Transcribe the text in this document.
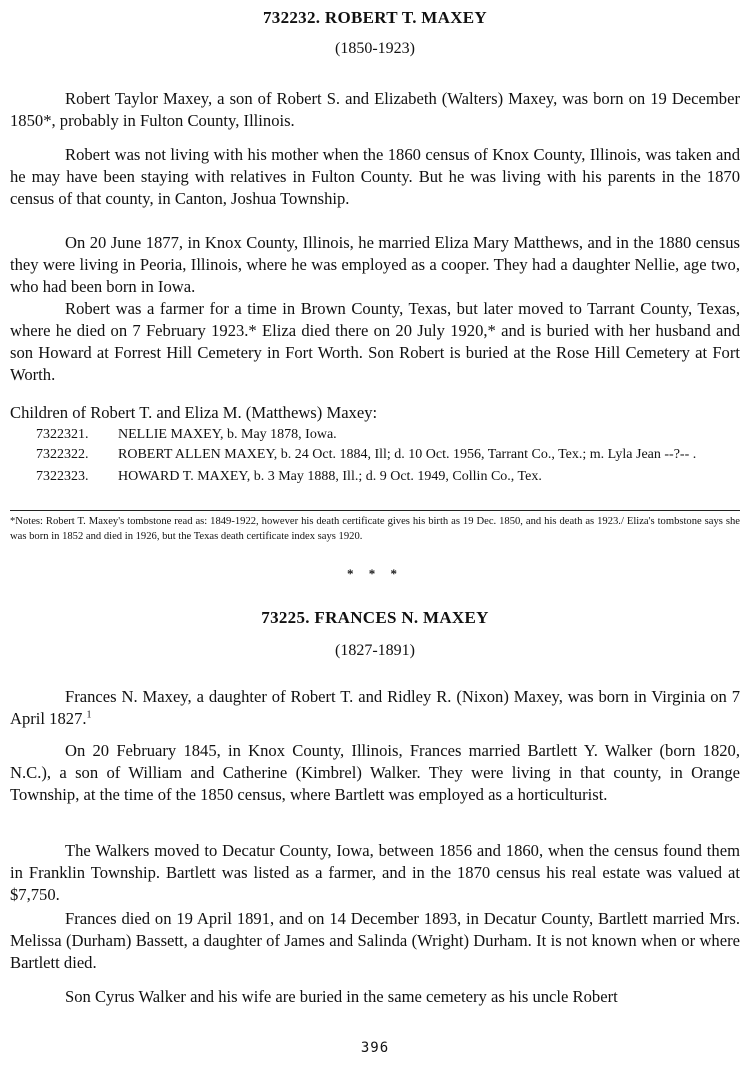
732232. ROBERT T. MAXEY

(1850-1923)

Robert Taylor Maxey, a son of Robert S. and Elizabeth (Walters) Maxey, was born on 19 December 1850*, probably in Fulton County, Illinois.

Robert was not living with his mother when the 1860 census of Knox County, Illinois, was taken and he may have been staying with relatives in Fulton County. But he was living with his parents in the 1870 census of that county, in Canton, Joshua Township.

On 20 June 1877, in Knox County, Illinois, he married Eliza Mary Matthews, and in the 1880 census they were living in Peoria, Illinois, where he was employed as a cooper. They had a daughter Nellie, age two, who had been born in Iowa.

Robert was a farmer for a time in Brown County, Texas, but later moved to Tarrant County, Texas, where he died on 7 February 1923.* Eliza died there on 20 July 1920,* and is buried with her husband and son Howard at Forrest Hill Cemetery in Fort Worth. Son Robert is buried at the Rose Hill Cemetery at Fort Worth.

Children of Robert T. and Eliza M. (Matthews) Maxey:

7322321.	NELLIE MAXEY, b. May 1878, Iowa.
7322322.	ROBERT ALLEN MAXEY, b. 24 Oct. 1884, Ill; d. 10 Oct. 1956, Tarrant Co., Tex.; m. Lyla Jean --?-- .
7322323.	HOWARD T. MAXEY, b. 3 May 1888, Ill.; d. 9 Oct. 1949, Collin Co., Tex.

*Notes: Robert T. Maxey's tombstone read as: 1849-1922, however his death certificate gives his birth as 19 Dec. 1850, and his death as 1923./ Eliza's tombstone says she was born in 1852 and died in 1926, but the Texas death certificate index says 1920.

* * *

73225. FRANCES N. MAXEY

(1827-1891)

Frances N. Maxey, a daughter of Robert T. and Ridley R. (Nixon) Maxey, was born in Virginia on 7 April 1827.$^1$

On 20 February 1845, in Knox County, Illinois, Frances married Bartlett Y. Walker (born 1820, N.C.), a son of William and Catherine (Kimbrel) Walker. They were living in that county, in Orange Township, at the time of the 1850 census, where Bartlett was employed as a horticulturist.

The Walkers moved to Decatur County, Iowa, between 1856 and 1860, when the census found them in Franklin Township. Bartlett was listed as a farmer, and in the 1870 census his real estate was valued at $7,750.

Frances died on 19 April 1891, and on 14 December 1893, in Decatur County, Bartlett married Mrs. Melissa (Durham) Bassett, a daughter of James and Salinda (Wright) Durham. It is not known when or where Bartlett died.

Son Cyrus Walker and his wife are buried in the same cemetery as his uncle Robert

396
